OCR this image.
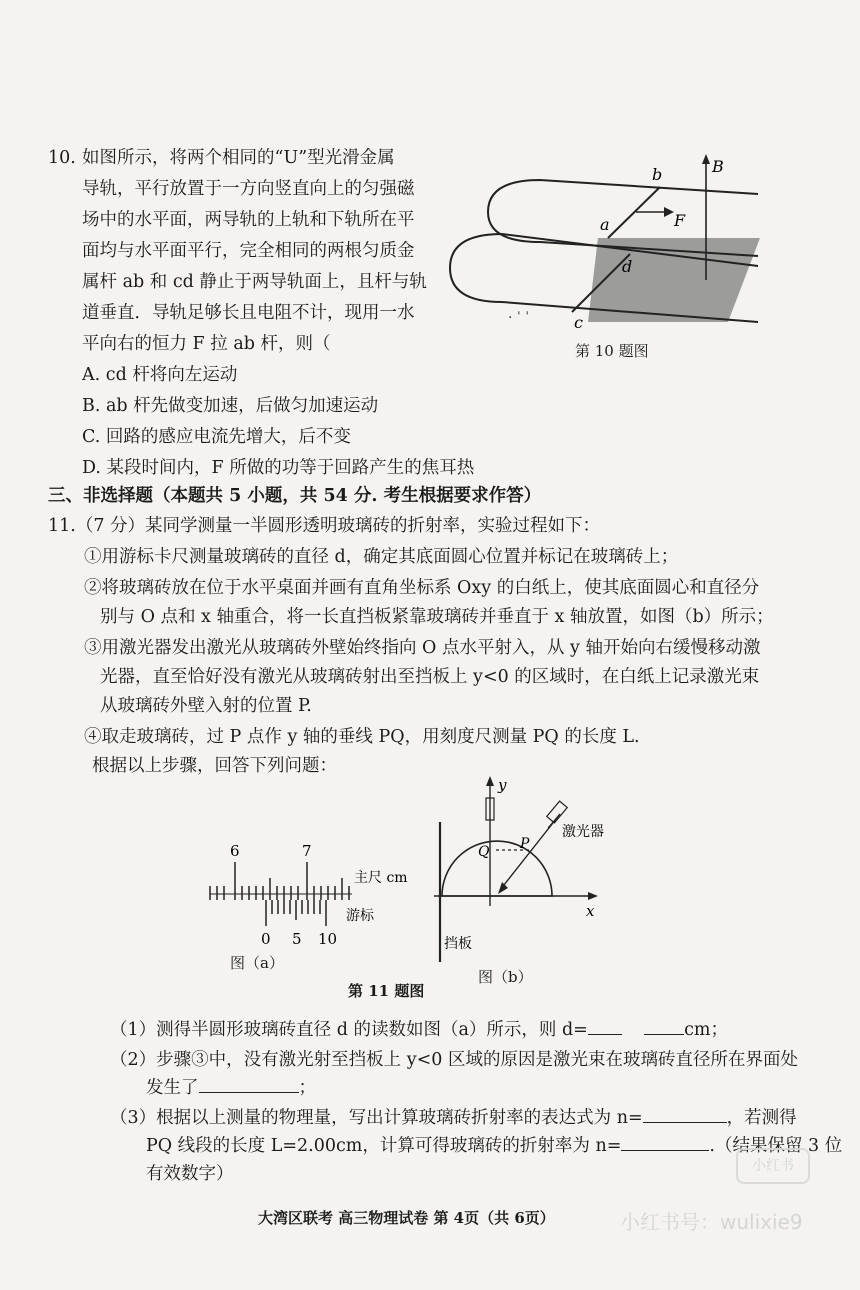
10. 如图所示，将两个相同的“U”型光滑金属
导轨，平行放置于一方向竖直向上的匀强磁
场中的水平面，两导轨的上轨和下轨所在平
面均与水平面平行，完全相同的两根匀质金
属杆 ab 和 cd 静止于两导轨面上，且杆与轨
道垂直．导轨足够长且电阻不计，现用一水
平向右的恒力 F 拉 ab 杆，则（
A. cd 杆将向左运动
B. ab 杆先做变加速，后做匀加速运动
C. 回路的感应电流先增大，后不变
D. 某段时间内，F 所做的功等于回路产生的焦耳热
· ˈ ˈ
b	B
a	F
d
c
第 10 题图
三、非选择题（本题共 5 小题，共 54 分. 考生根据要求作答）
11.（7 分）某同学测量一半圆形透明玻璃砖的折射率，实验过程如下：
①用游标卡尺测量玻璃砖的直径 d，确定其底面圆心位置并标记在玻璃砖上；
②将玻璃砖放在位于水平桌面并画有直角坐标系 Oxy 的白纸上，使其底面圆心和直径分
别与 O 点和 x 轴重合，将一长直挡板紧靠玻璃砖并垂直于 x 轴放置，如图（b）所示；
③用激光器发出激光从玻璃砖外壁始终指向 O 点水平射入，从 y 轴开始向右缓慢移动激
光器，直至恰好没有激光从玻璃砖射出至挡板上 y<0 的区域时，在白纸上记录激光束
从玻璃砖外壁入射的位置 P.
④取走玻璃砖，过 P 点作 y 轴的垂线 PQ，用刻度尺测量 PQ 的长度 L.
根据以上步骤，回答下列问题：
6	7
主尺 cm
游标
0 5 10
图（a）
y
x
P
Q
激光器
挡板
图（b）
第 11 题图
（1）测得半圆形玻璃砖直径 d 的读数如图（a）所示，则 d=	cm；
（2）步骤③中，没有激光射至挡板上 y<0 区域的原因是激光束在玻璃砖直径所在界面处
发生了	；
（3）根据以上测量的物理量，写出计算玻璃砖折射率的表达式为 n=	，若测得
PQ 线段的长度 L=2.00cm，计算可得玻璃砖的折射率为 n=	.（结果保留 3 位
有效数字）
大湾区联考 高三物理试卷 第 4页（共 6页）
小红书
小红书号：wulixie9
